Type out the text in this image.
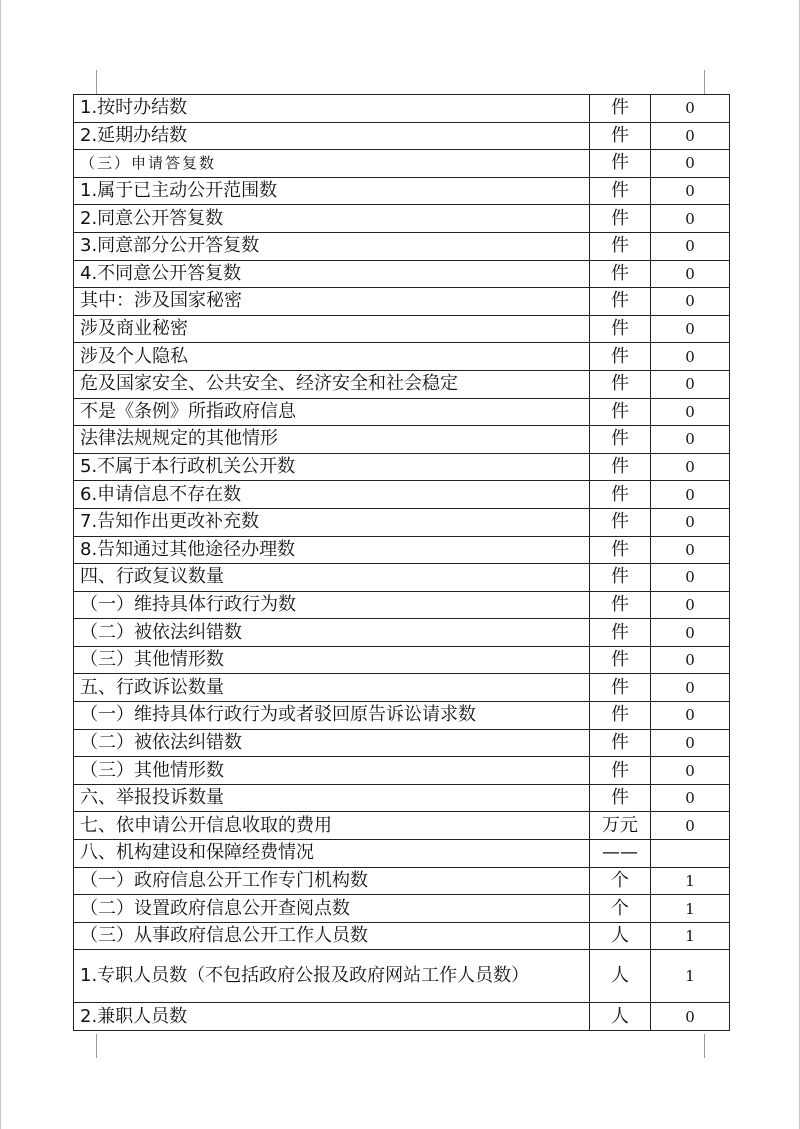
1.按时办结数	件	0
2.延期办结数	件	0
（三）申请答复数	件	0
1.属于已主动公开范围数	件	0
2.同意公开答复数	件	0
3.同意部分公开答复数	件	0
4.不同意公开答复数	件	0
其中：涉及国家秘密	件	0
涉及商业秘密	件	0
涉及个人隐私	件	0
危及国家安全、公共安全、经济安全和社会稳定	件	0
不是《条例》所指政府信息	件	0
法律法规规定的其他情形	件	0
5.不属于本行政机关公开数	件	0
6.申请信息不存在数	件	0
7.告知作出更改补充数	件	0
8.告知通过其他途径办理数	件	0
四、行政复议数量	件	0
（一）维持具体行政行为数	件	0
（二）被依法纠错数	件	0
（三）其他情形数	件	0
五、行政诉讼数量	件	0
（一）维持具体行政行为或者驳回原告诉讼请求数	件	0
（二）被依法纠错数	件	0
（三）其他情形数	件	0
六、举报投诉数量	件	0
七、依申请公开信息收取的费用	万元	0
八、机构建设和保障经费情况	——	
（一）政府信息公开工作专门机构数	个	1
（二）设置政府信息公开查阅点数	个	1
（三）从事政府信息公开工作人员数	人	1
1.专职人员数（不包括政府公报及政府网站工作人员数）	人	1
2.兼职人员数	人	0
